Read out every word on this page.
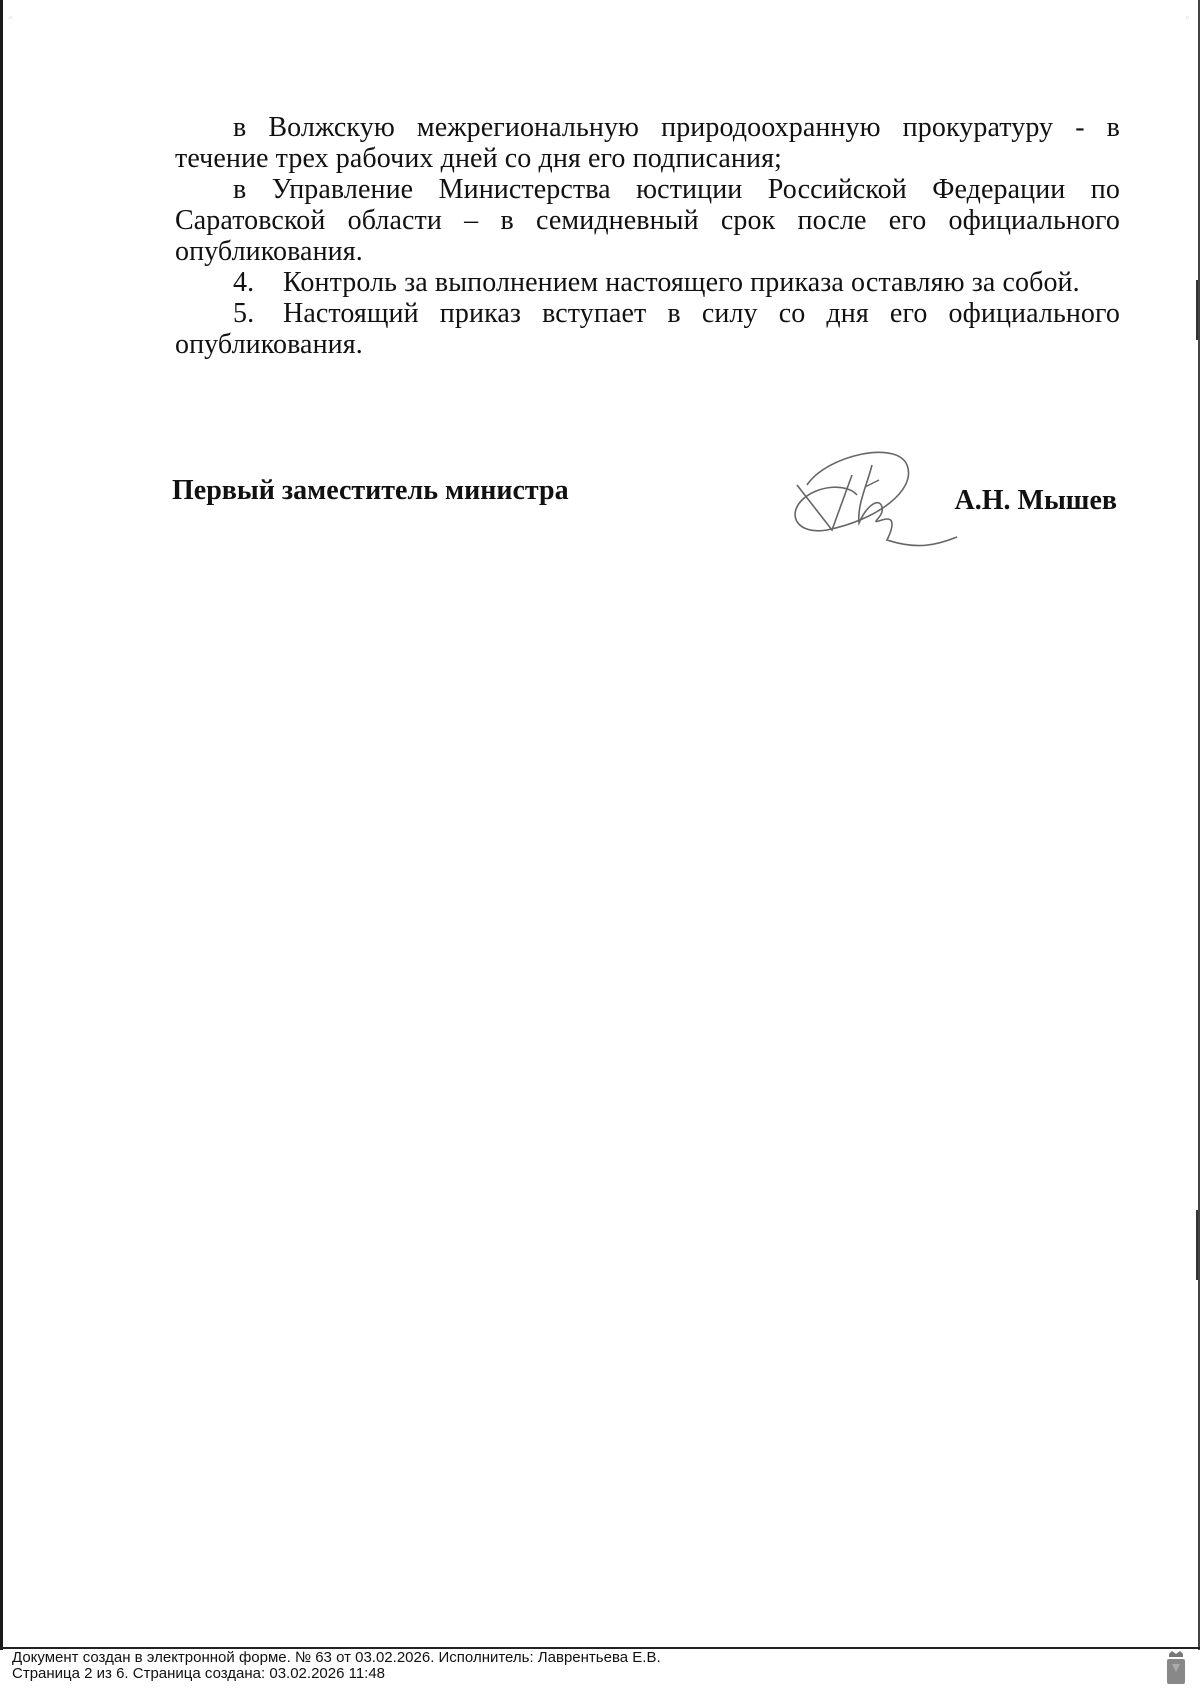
◦	◦

в Волжскую межрегиональную природоохранную прокуратуру - в течение трех рабочих дней со дня его подписания;

в Управление Министерства юстиции Российской Федерации по Саратовской области – в семидневный срок после его официального опубликования.

4. Контроль за выполнением настоящего приказа оставляю за собой.

5. Настоящий приказ вступает в силу со дня его официального опубликования.

Первый заместитель министра	А.Н. Мышев
Документ создан в электронной форме. № 63 от 03.02.2026. Исполнитель: Лаврентьева Е.В.
Страница 2 из 6. Страница создана: 03.02.2026 11:48
